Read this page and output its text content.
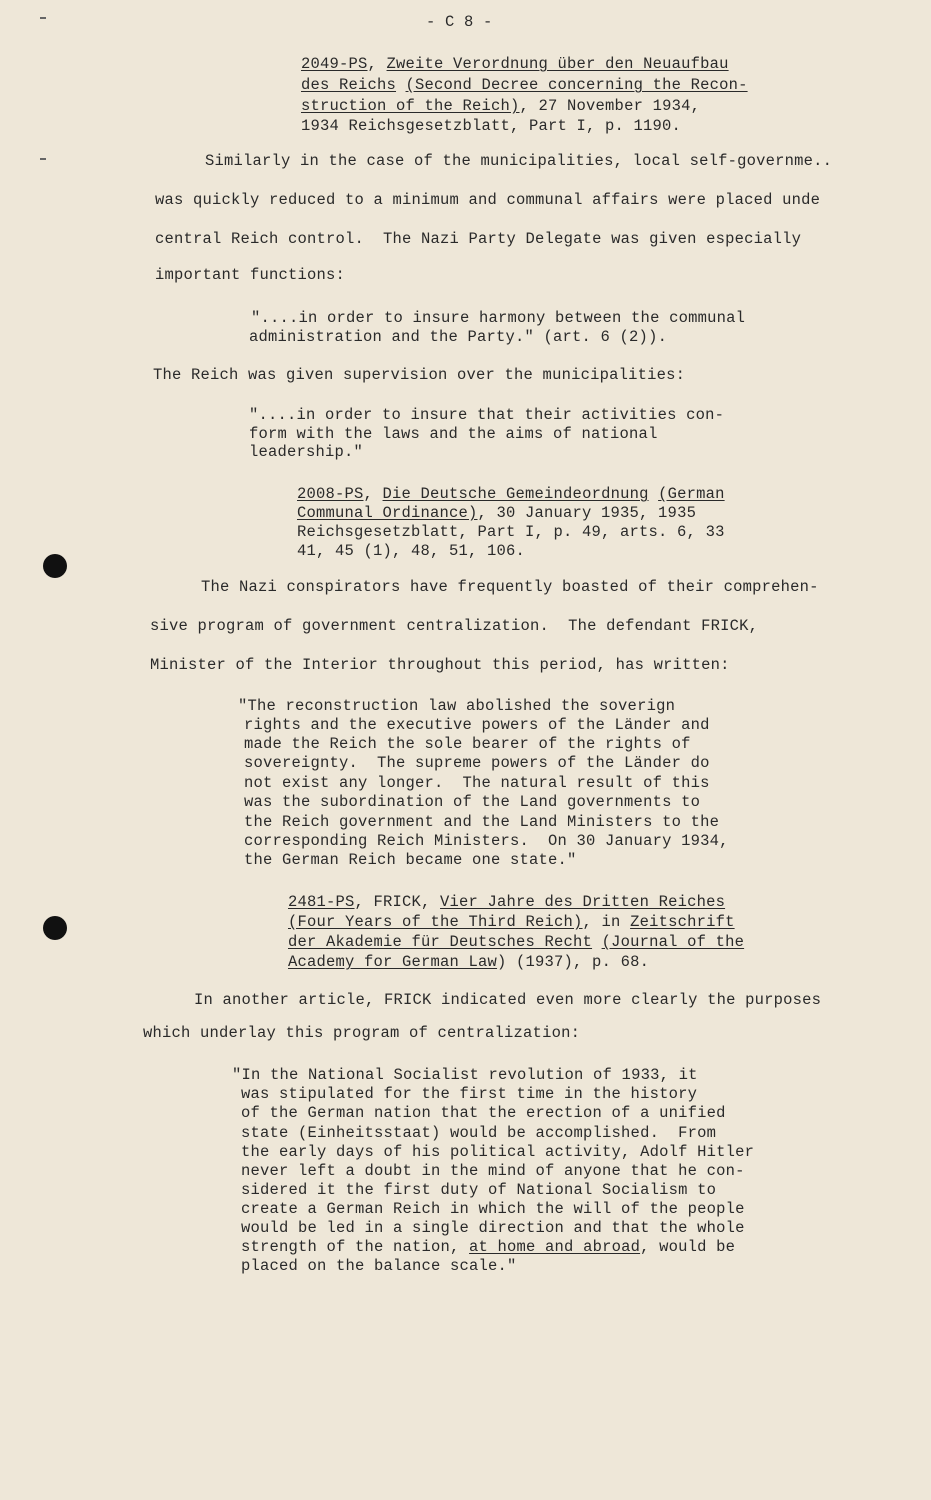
- C 8 -
2049-PS, Zweite Verordnung über den Neuaufbau
des Reichs (Second Decree concerning the Recon-
struction of the Reich), 27 November 1934,
1934 Reichsgesetzblatt, Part I, p. 1190.
Similarly in the case of the municipalities, local self-governme..
was quickly reduced to a minimum and communal affairs were placed unde
central Reich control.  The Nazi Party Delegate was given especially
important functions:
"....in order to insure harmony between the communal
administration and the Party." (art. 6 (2)).
The Reich was given supervision over the municipalities:
"....in order to insure that their activities con-
form with the laws and the aims of national
leadership."
2008-PS, Die Deutsche Gemeindeordnung (German
Communal Ordinance), 30 January 1935, 1935
Reichsgesetzblatt, Part I, p. 49, arts. 6, 33
41, 45 (1), 48, 51, 106.
The Nazi conspirators have frequently boasted of their comprehen-
sive program of government centralization.  The defendant FRICK,
Minister of the Interior throughout this period, has written:
"The reconstruction law abolished the soverign
rights and the executive powers of the Länder and
made the Reich the sole bearer of the rights of
sovereignty.  The supreme powers of the Länder do
not exist any longer.  The natural result of this
was the subordination of the Land governments to
the Reich government and the Land Ministers to the
corresponding Reich Ministers.  On 30 January 1934,
the German Reich became one state."
2481-PS, FRICK, Vier Jahre des Dritten Reiches
(Four Years of the Third Reich), in Zeitschrift
der Akademie für Deutsches Recht (Journal of the
Academy for German Law) (1937), p. 68.
In another article, FRICK indicated even more clearly the purposes
which underlay this program of centralization:
"In the National Socialist revolution of 1933, it
was stipulated for the first time in the history
of the German nation that the erection of a unified
state (Einheitsstaat) would be accomplished.  From
the early days of his political activity, Adolf Hitler
never left a doubt in the mind of anyone that he con-
sidered it the first duty of National Socialism to
create a German Reich in which the will of the people
would be led in a single direction and that the whole
strength of the nation, at home and abroad, would be
placed on the balance scale."
